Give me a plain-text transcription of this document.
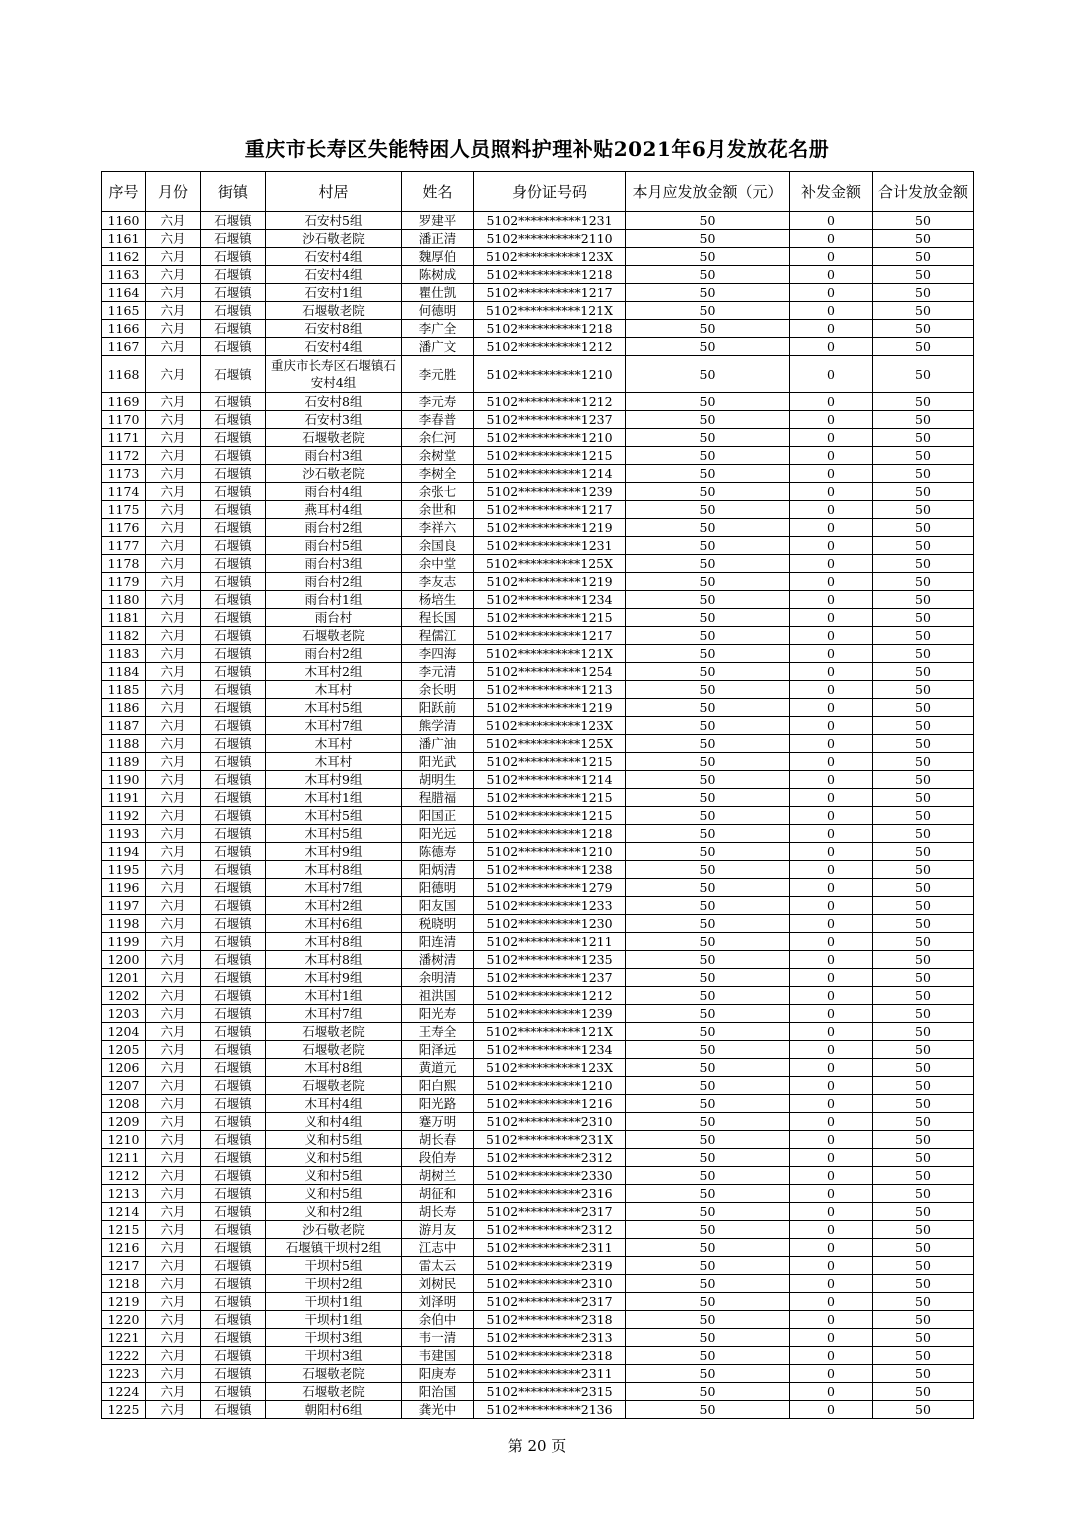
重庆市长寿区失能特困人员照料护理补贴2021年6月发放花名册
序号	月份	街镇	村居	姓名	身份证号码	本月应发放金额（元）	补发金额	合计发放金额
1160	六月	石堰镇	石安村5组	罗建平	5102**********1231	50	0	50
1161	六月	石堰镇	沙石敬老院	潘正清	5102**********2110	50	0	50
1162	六月	石堰镇	石安村4组	魏厚伯	5102**********123X	50	0	50
1163	六月	石堰镇	石安村4组	陈树成	5102**********1218	50	0	50
1164	六月	石堰镇	石安村1组	瞿仕凯	5102**********1217	50	0	50
1165	六月	石堰镇	石堰敬老院	何德明	5102**********121X	50	0	50
1166	六月	石堰镇	石安村8组	李广全	5102**********1218	50	0	50
1167	六月	石堰镇	石安村4组	潘广文	5102**********1212	50	0	50
1168	六月	石堰镇	重庆市长寿区石堰镇石安村4组	李元胜	5102**********1210	50	0	50
1169	六月	石堰镇	石安村8组	李元寿	5102**********1212	50	0	50
1170	六月	石堰镇	石安村3组	李春普	5102**********1237	50	0	50
1171	六月	石堰镇	石堰敬老院	余仁河	5102**********1210	50	0	50
1172	六月	石堰镇	雨台村3组	余树堂	5102**********1215	50	0	50
1173	六月	石堰镇	沙石敬老院	李树全	5102**********1214	50	0	50
1174	六月	石堰镇	雨台村4组	余张七	5102**********1239	50	0	50
1175	六月	石堰镇	燕耳村4组	余世和	5102**********1217	50	0	50
1176	六月	石堰镇	雨台村2组	李祥六	5102**********1219	50	0	50
1177	六月	石堰镇	雨台村5组	余国良	5102**********1231	50	0	50
1178	六月	石堰镇	雨台村3组	余中堂	5102**********125X	50	0	50
1179	六月	石堰镇	雨台村2组	李友志	5102**********1219	50	0	50
1180	六月	石堰镇	雨台村1组	杨培生	5102**********1234	50	0	50
1181	六月	石堰镇	雨台村	程长国	5102**********1215	50	0	50
1182	六月	石堰镇	石堰敬老院	程儒江	5102**********1217	50	0	50
1183	六月	石堰镇	雨台村2组	李四海	5102**********121X	50	0	50
1184	六月	石堰镇	木耳村2组	李元清	5102**********1254	50	0	50
1185	六月	石堰镇	木耳村	余长明	5102**********1213	50	0	50
1186	六月	石堰镇	木耳村5组	阳跃前	5102**********1219	50	0	50
1187	六月	石堰镇	木耳村7组	熊学清	5102**********123X	50	0	50
1188	六月	石堰镇	木耳村	潘广油	5102**********125X	50	0	50
1189	六月	石堰镇	木耳村	阳光武	5102**********1215	50	0	50
1190	六月	石堰镇	木耳村9组	胡明生	5102**********1214	50	0	50
1191	六月	石堰镇	木耳村1组	程腊福	5102**********1215	50	0	50
1192	六月	石堰镇	木耳村5组	阳国正	5102**********1215	50	0	50
1193	六月	石堰镇	木耳村5组	阳光远	5102**********1218	50	0	50
1194	六月	石堰镇	木耳村9组	陈德寿	5102**********1210	50	0	50
1195	六月	石堰镇	木耳村8组	阳炳清	5102**********1238	50	0	50
1196	六月	石堰镇	木耳村7组	阳德明	5102**********1279	50	0	50
1197	六月	石堰镇	木耳村2组	阳友国	5102**********1233	50	0	50
1198	六月	石堰镇	木耳村6组	税晓明	5102**********1230	50	0	50
1199	六月	石堰镇	木耳村8组	阳连清	5102**********1211	50	0	50
1200	六月	石堰镇	木耳村8组	潘树清	5102**********1235	50	0	50
1201	六月	石堰镇	木耳村9组	余明清	5102**********1237	50	0	50
1202	六月	石堰镇	木耳村1组	祖洪国	5102**********1212	50	0	50
1203	六月	石堰镇	木耳村7组	阳光寿	5102**********1239	50	0	50
1204	六月	石堰镇	石堰敬老院	王寿全	5102**********121X	50	0	50
1205	六月	石堰镇	石堰敬老院	阳泽远	5102**********1234	50	0	50
1206	六月	石堰镇	木耳村8组	黄道元	5102**********123X	50	0	50
1207	六月	石堰镇	石堰敬老院	阳白熙	5102**********1210	50	0	50
1208	六月	石堰镇	木耳村4组	阳光路	5102**********1216	50	0	50
1209	六月	石堰镇	义和村4组	蹇万明	5102**********2310	50	0	50
1210	六月	石堰镇	义和村5组	胡长春	5102**********231X	50	0	50
1211	六月	石堰镇	义和村5组	段伯寿	5102**********2312	50	0	50
1212	六月	石堰镇	义和村5组	胡树兰	5102**********2330	50	0	50
1213	六月	石堰镇	义和村5组	胡征和	5102**********2316	50	0	50
1214	六月	石堰镇	义和村2组	胡长寿	5102**********2317	50	0	50
1215	六月	石堰镇	沙石敬老院	游月友	5102**********2312	50	0	50
1216	六月	石堰镇	石堰镇干坝村2组	江志中	5102**********2311	50	0	50
1217	六月	石堰镇	干坝村5组	雷太云	5102**********2319	50	0	50
1218	六月	石堰镇	干坝村2组	刘树民	5102**********2310	50	0	50
1219	六月	石堰镇	干坝村1组	刘泽明	5102**********2317	50	0	50
1220	六月	石堰镇	干坝村1组	余伯中	5102**********2318	50	0	50
1221	六月	石堰镇	干坝村3组	韦一清	5102**********2313	50	0	50
1222	六月	石堰镇	干坝村3组	韦建国	5102**********2318	50	0	50
1223	六月	石堰镇	石堰敬老院	阳庚寿	5102**********2311	50	0	50
1224	六月	石堰镇	石堰敬老院	阳治国	5102**********2315	50	0	50
1225	六月	石堰镇	朝阳村6组	龚光中	5102**********2136	50	0	50
第 20 页
